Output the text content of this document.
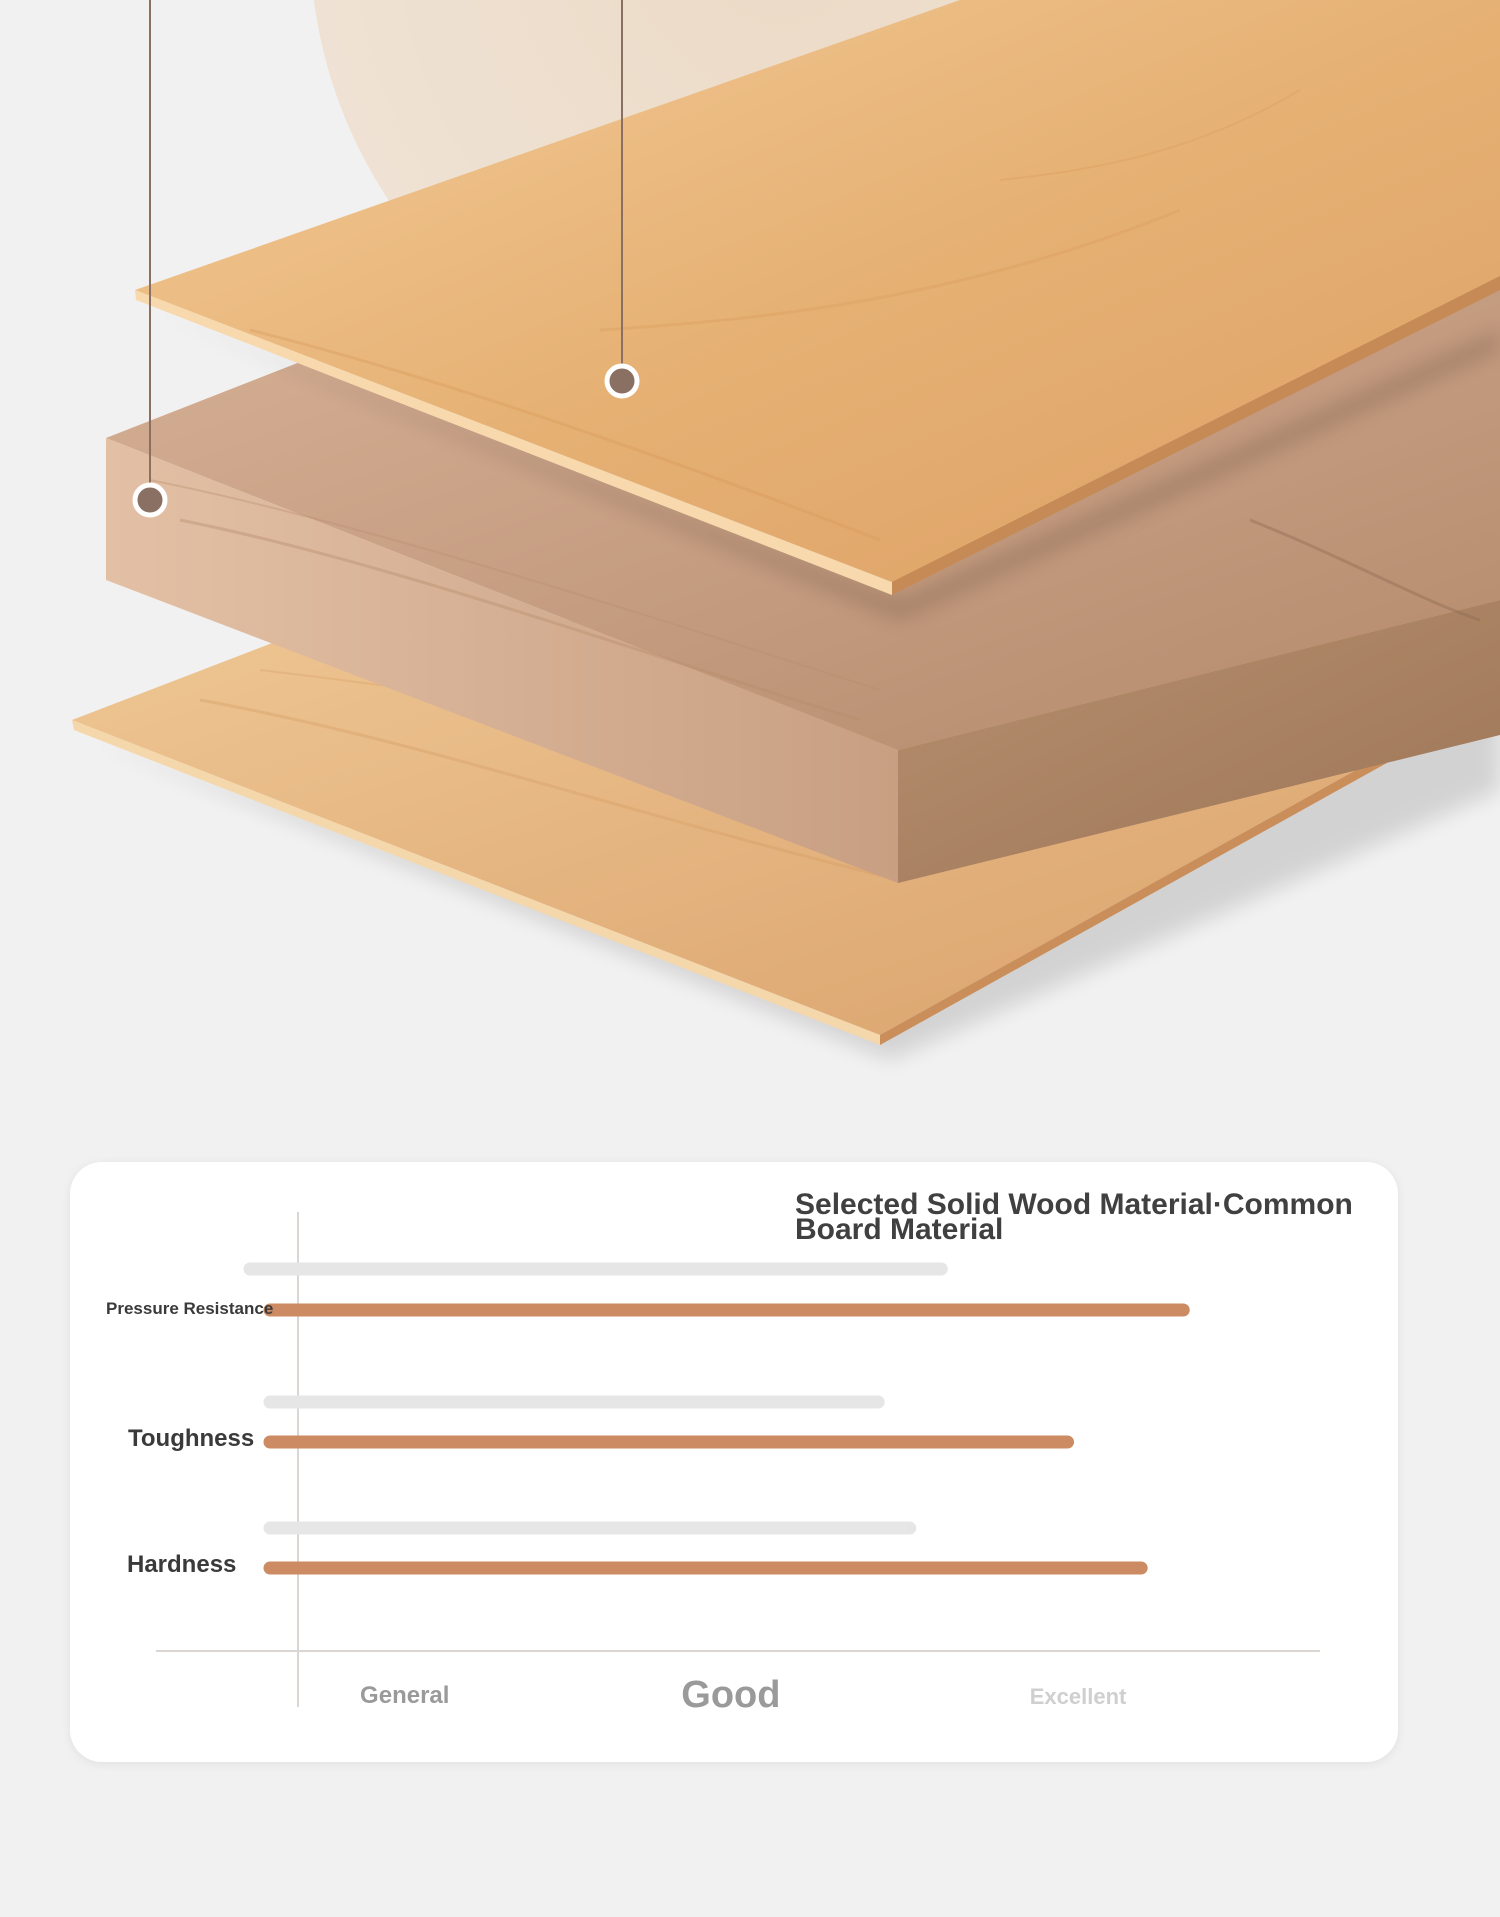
Selected Solid Wood Material·Common Board Material
Pressure Resistance
Toughness
Hardness
General	Good	Excellent
